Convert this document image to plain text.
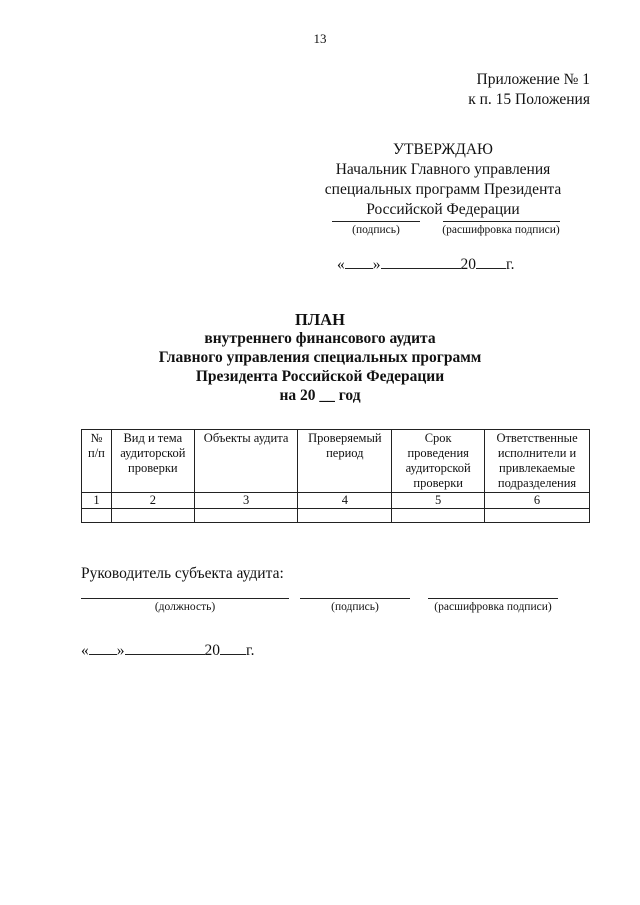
13
Приложение № 1
к п. 15 Положения
УТВЕРЖДАЮ
Начальник Главного управления
специальных программ Президента
Российской Федерации
(подпись)	(расшифровка подписи)
« »	20 г.
ПЛАН
внутреннего финансового аудита
Главного управления специальных программ
Президента Российской Федерации
на 20 __ год
№ п/п	Вид и тема аудиторской проверки	Объекты аудита	Проверяемый период	Срок проведения аудиторской проверки	Ответственные исполнители и привлекаемые подразделения
1	2	3	4	5	6

Руководитель субъекта аудита:
(должность)	(подпись)	(расшифровка подписи)
« »	20 г.
